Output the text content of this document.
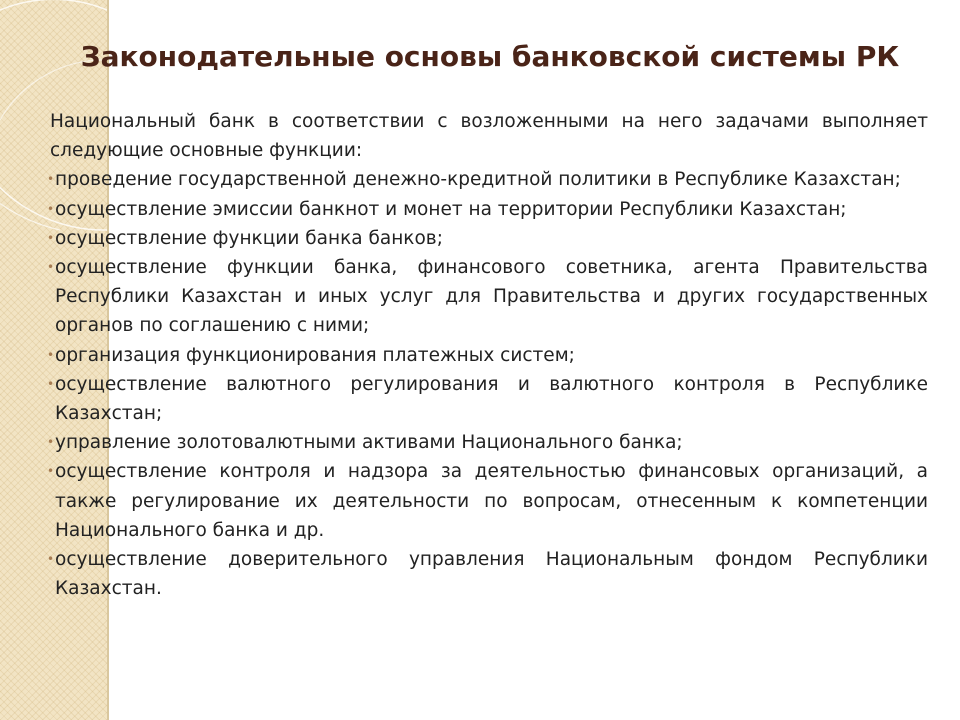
Законодательные основы банковской системы РК

Национальный банк в соответствии с возложенными на него задачами выполняет следующие основные функции:

• проведение государственной денежно-кредитной политики в Республике Казахстан;
• осуществление эмиссии банкнот и монет на территории Республики Казахстан;
• осуществление функции банка банков;
• осуществление функции банка, финансового советника, агента Правительства Республики Казахстан и иных услуг для Правительства и других государственных органов по соглашению с ними;
• организация функционирования платежных систем;
• осуществление валютного регулирования и валютного контроля в Республике Казахстан;
• управление золотовалютными активами Национального банка;
• осуществление контроля и надзора за деятельностью финансовых организаций, а также регулирование их деятельности по вопросам, отнесенным к компетенции Национального банка и др.
• осуществление доверительного управления Национальным фондом Республики Казахстан.
